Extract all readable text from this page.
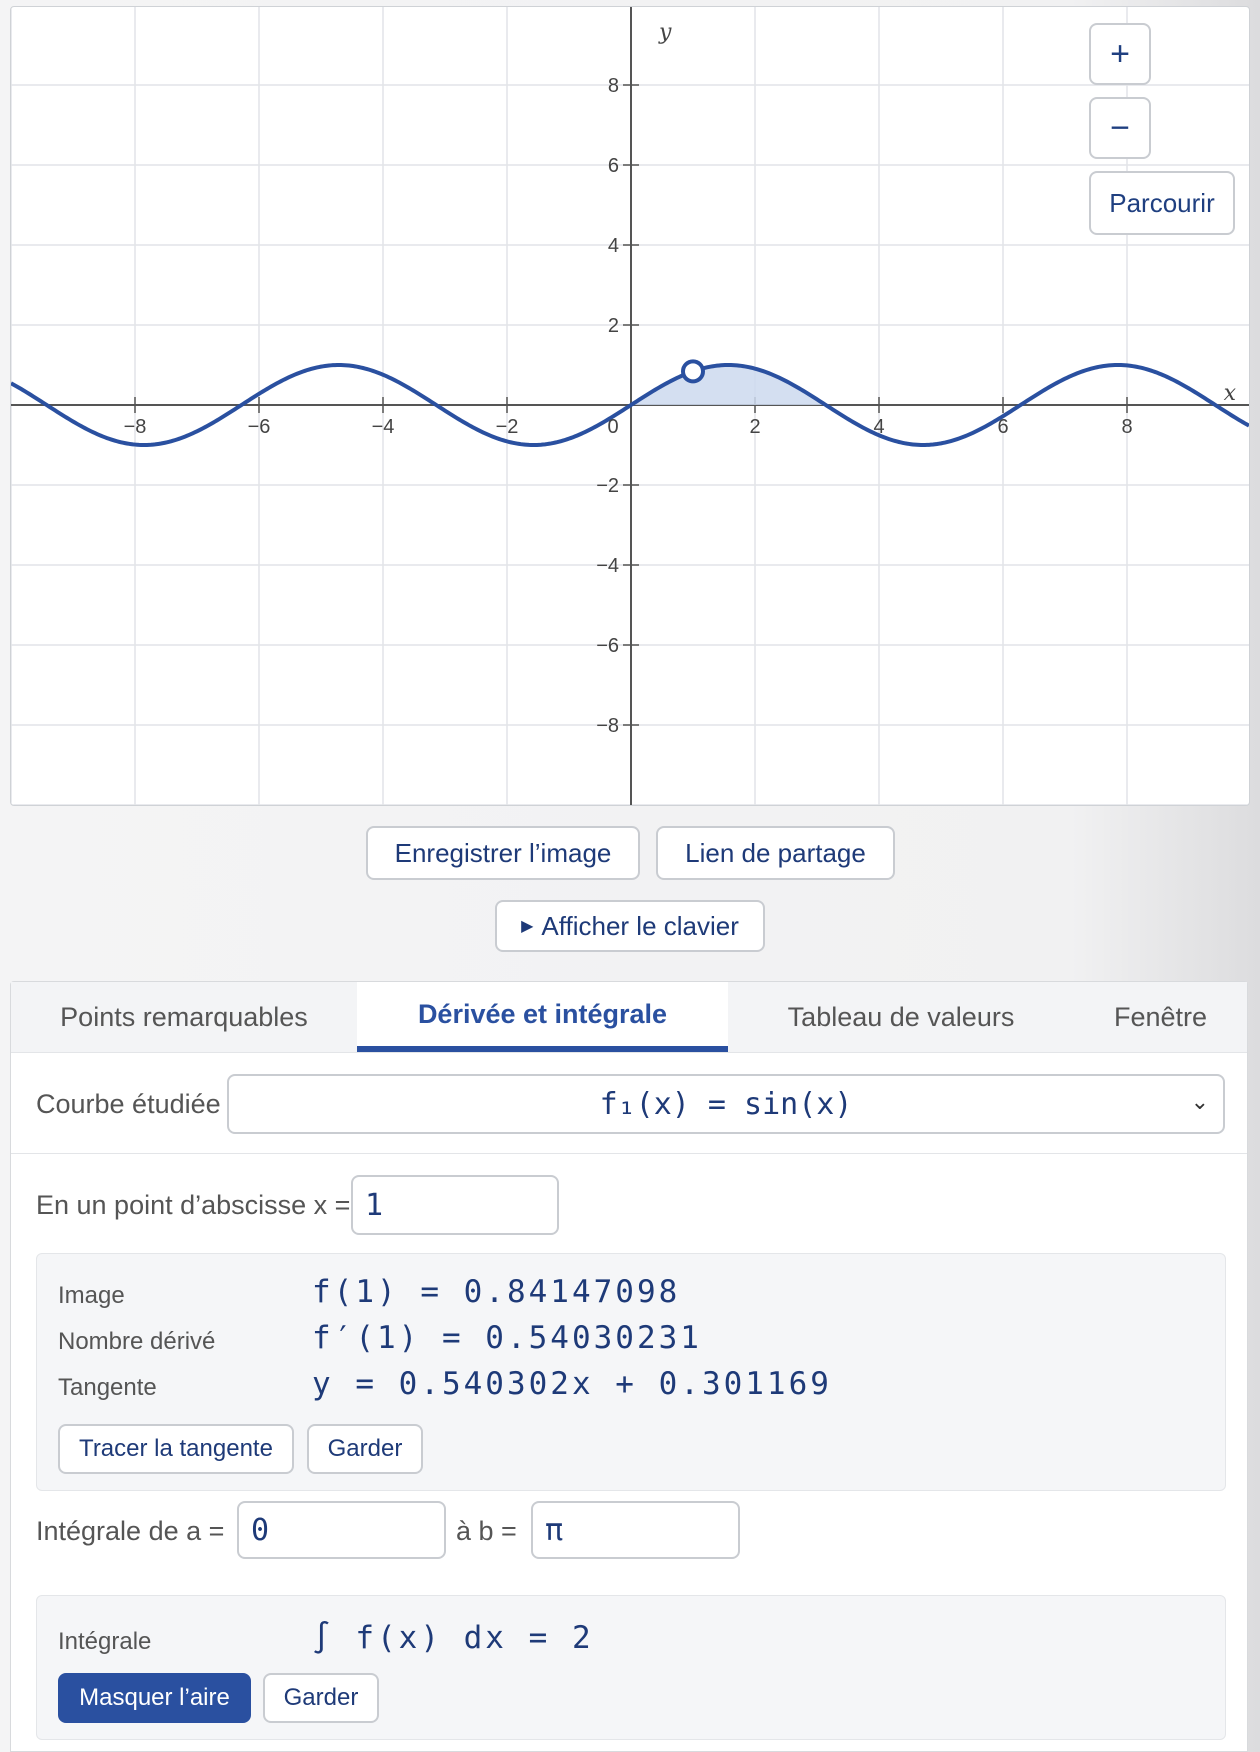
−8	−6	−4	−2	0	2	4	6	8
8
6
4
2
−2
−4
−6
−8
x
y
+
−
Parcourir
Enregistrer l’image	Lien de partage
▶ Afficher le clavier
Points remarquables	Dérivée et intégrale	Tableau de valeurs	Fenêtre
Courbe étudiée	f₁(x) = sin(x)	⌄
En un point d’abscisse x = 1
Image	f(1) = 0.84147098
Nombre dérivé	f′(1) = 0.54030231
Tangente	y = 0.540302x + 0.301169
Tracer la tangente	Garder
Intégrale de a = 0	à b = π
Intégrale	∫ f(x) dx = 2
Masquer l’aire	Garder
